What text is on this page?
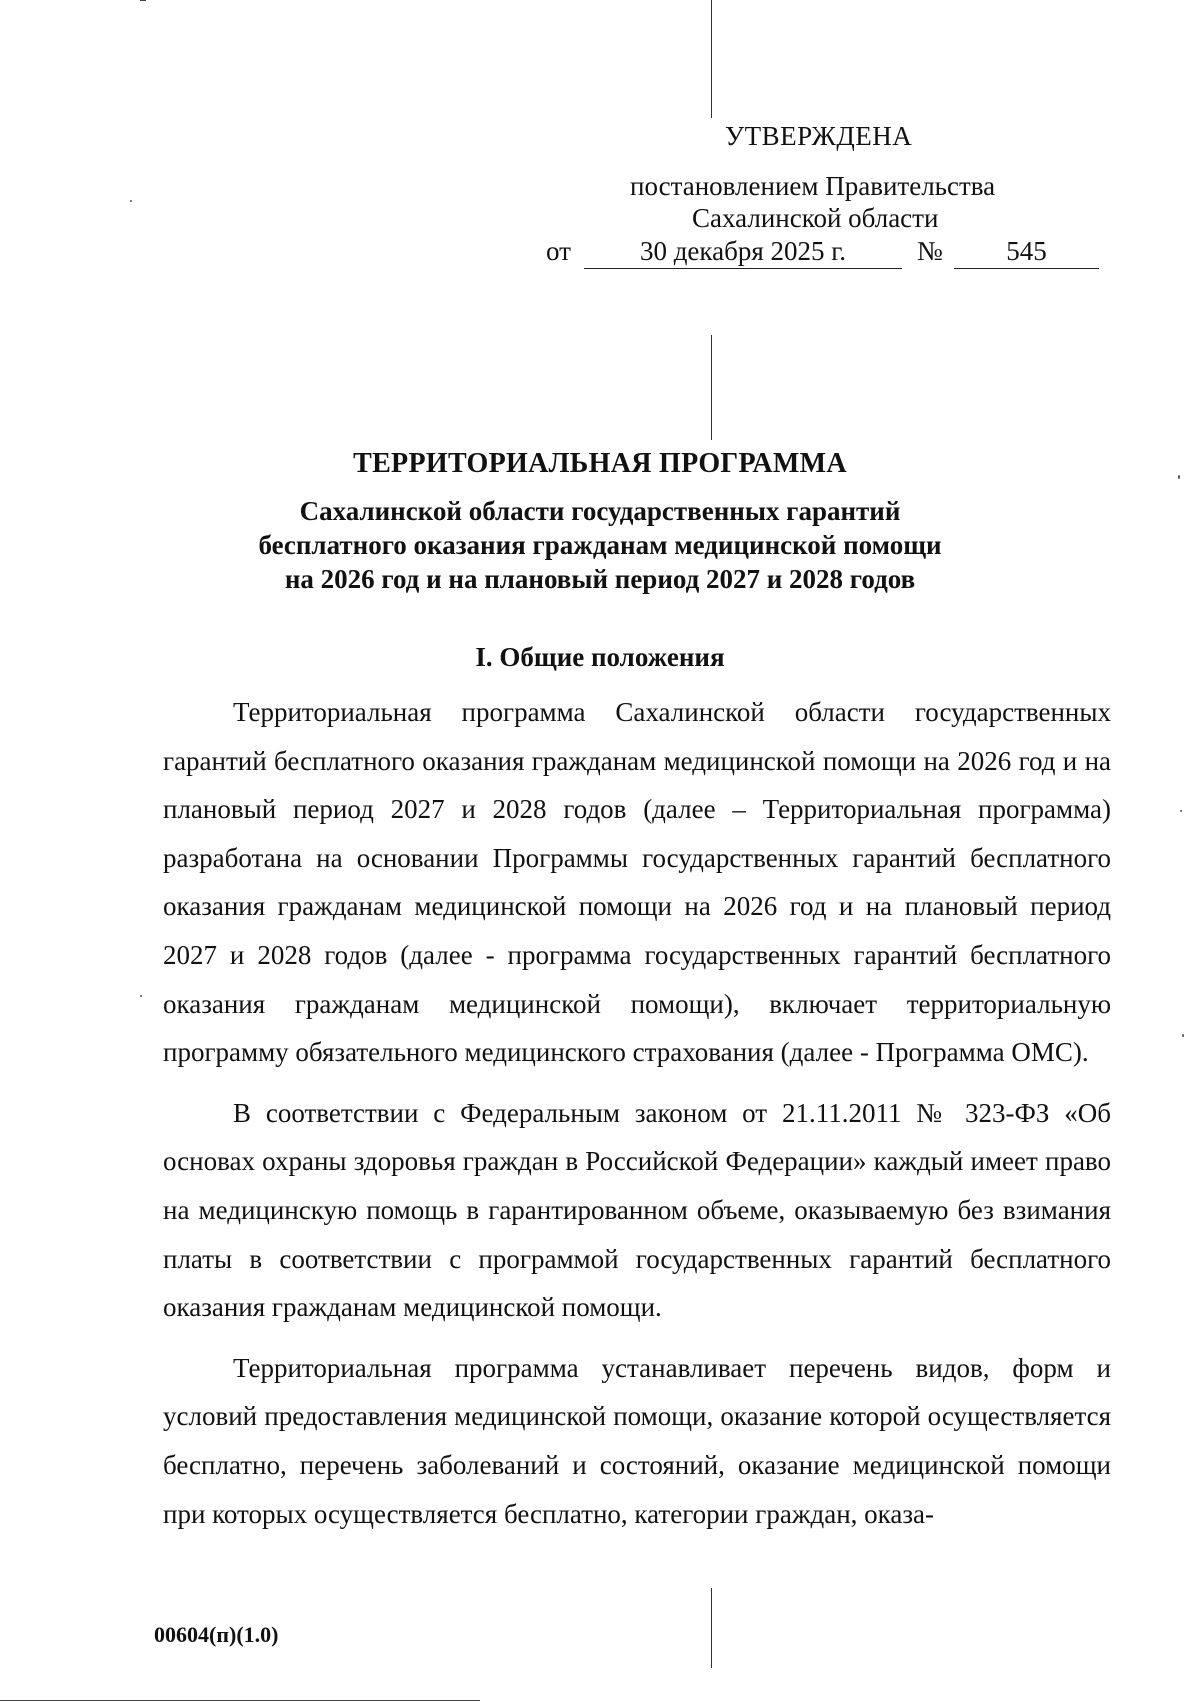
УТВЕРЖДЕНА
постановлением Правительства
Сахалинской области
от	30 декабря 2025 г.	№	545
ТЕРРИТОРИАЛЬНАЯ ПРОГРАММА
Сахалинской области государственных гарантий
бесплатного оказания гражданам медицинской помощи
на 2026 год и на плановый период 2027 и 2028 годов
I. Общие положения

Территориальная программа Сахалинской области государственных гарантий бесплатного оказания гражданам медицинской помощи на 2026 год и на плановый период 2027 и 2028 годов (далее – Территориальная программа) разработана на основании Программы государственных гарантий бесплатного оказания гражданам медицинской помощи на 2026 год и на плановый период 2027 и 2028 годов (далее - программа государственных гарантий бесплатного оказания гражданам медицинской помощи), включает территориальную программу обязательного медицинского страхования (далее - Программа ОМС).

В соответствии с Федеральным законом от 21.11.2011 № 323-ФЗ «Об основах охраны здоровья граждан в Российской Федерации» каждый имеет право на медицинскую помощь в гарантированном объеме, оказываемую без взимания платы в соответствии с программой государственных гарантий бесплатного оказания гражданам медицинской помощи.

Территориальная программа устанавливает перечень видов, форм и условий предоставления медицинской помощи, оказание которой осуществляется бесплатно, перечень заболеваний и состояний, оказание медицинской помощи при которых осуществляется бесплатно, категории граждан, оказа-

00604(п)(1.0)
